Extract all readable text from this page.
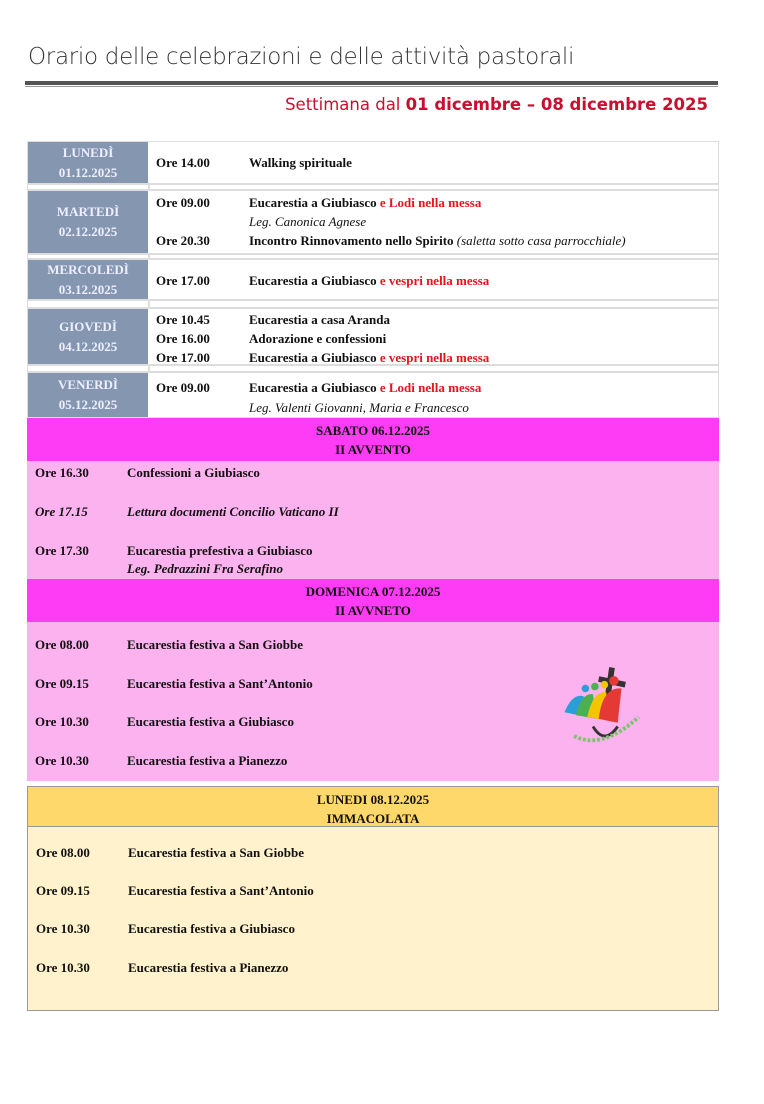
Orario delle celebrazioni e delle attività pastorali
Settimana dal 01 dicembre – 08 dicembre 2025
LUNEDÌ
01.12.2025
Ore 14.00	Walking spirituale
MARTEDÌ
02.12.2025
Ore 09.00	Eucarestia a Giubiasco e Lodi nella messa
Leg. Canonica Agnese
Ore 20.30	Incontro Rinnovamento nello Spirito (saletta sotto casa parrocchiale)
MERCOLEDÌ
03.12.2025
Ore 17.00	Eucarestia a Giubiasco e vespri nella messa
GIOVEDÌ
04.12.2025
Ore 10.45	Eucarestia a casa Aranda
Ore 16.00	Adorazione e confessioni
Ore 17.00	Eucarestia a Giubiasco e vespri nella messa
VENERDÌ
05.12.2025
Ore 09.00	Eucarestia a Giubiasco e Lodi nella messa
Leg. Valenti Giovanni, Maria e Francesco
SABATO 06.12.2025
II AVVENTO
Ore 16.30	Confessioni a Giubiasco
Ore 17.15	Lettura documenti Concilio Vaticano II
Ore 17.30	Eucarestia prefestiva a Giubiasco
Leg. Pedrazzini Fra Serafino
DOMENICA 07.12.2025
II AVVNETO
Ore 08.00	Eucarestia festiva a San Giobbe
Ore 09.15	Eucarestia festiva a Sant’Antonio
Ore 10.30	Eucarestia festiva a Giubiasco
Ore 10.30	Eucarestia festiva a Pianezzo
LUNEDI 08.12.2025
IMMACOLATA
Ore 08.00	Eucarestia festiva a San Giobbe
Ore 09.15	Eucarestia festiva a Sant’Antonio
Ore 10.30	Eucarestia festiva a Giubiasco
Ore 10.30	Eucarestia festiva a Pianezzo
